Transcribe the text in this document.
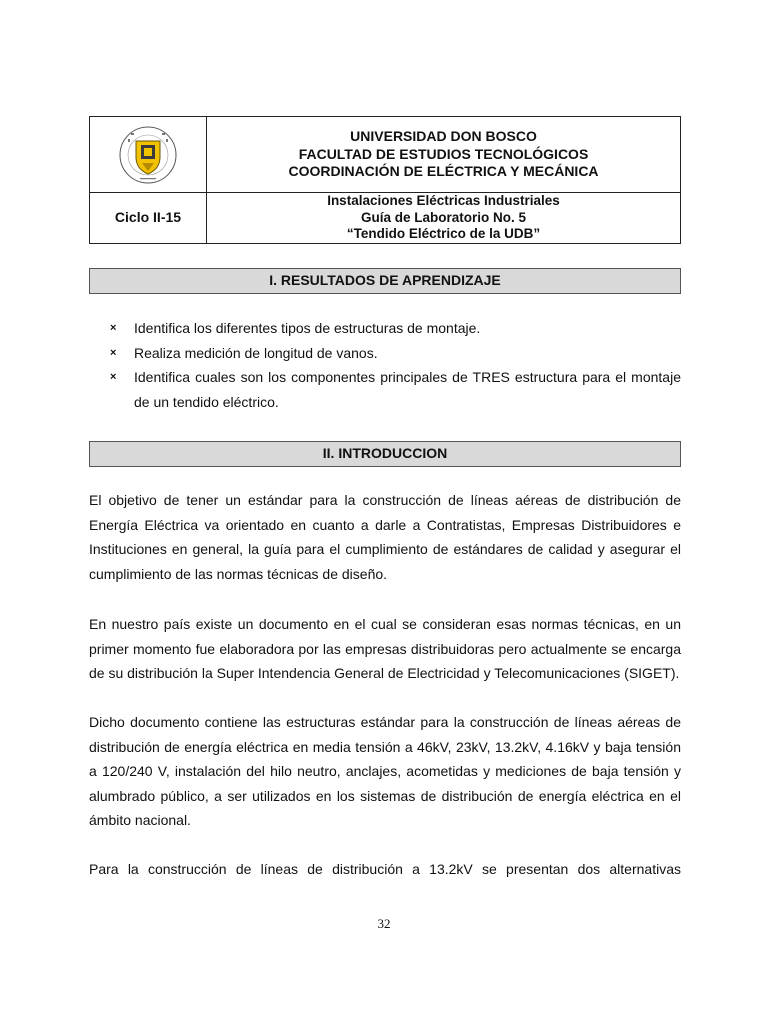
UNIVERSIDAD DON BOSCO
FACULTAD DE ESTUDIOS TECNOLÓGICOS
COORDINACIÓN DE ELÉCTRICA Y MECÁNICA

Ciclo II-15	Instalaciones Eléctricas Industriales
Guía de Laboratorio No. 5
“Tendido Eléctrico de la UDB”
I. RESULTADOS DE APRENDIZAJE
× Identifica los diferentes tipos de estructuras de montaje.
× Realiza medición de longitud de vanos.
× Identifica cuales son los componentes principales de TRES estructura para el montaje de un tendido eléctrico.
II. INTRODUCCION

El objetivo de tener un estándar para la construcción de líneas aéreas de distribución de Energía Eléctrica va orientado en cuanto a darle a Contratistas, Empresas Distribuidores e Instituciones en general, la guía para el cumplimiento de estándares de calidad y asegurar el cumplimiento de las normas técnicas de diseño.

En nuestro país existe un documento en el cual se consideran esas normas técnicas, en un primer momento fue elaboradora por las empresas distribuidoras pero actualmente se encarga de su distribución la Super Intendencia General de Electricidad y Telecomunicaciones (SIGET).

Dicho documento contiene las estructuras estándar para la construcción de líneas aéreas de distribución de energía eléctrica en media tensión a 46kV, 23kV, 13.2kV, 4.16kV y baja tensión a 120/240 V, instalación del hilo neutro, anclajes, acometidas y mediciones de baja tensión y alumbrado público, a ser utilizados en los sistemas de distribución de energía eléctrica en el ámbito nacional.

Para la construcción de líneas de distribución a 13.2kV se presentan dos alternativas

32
